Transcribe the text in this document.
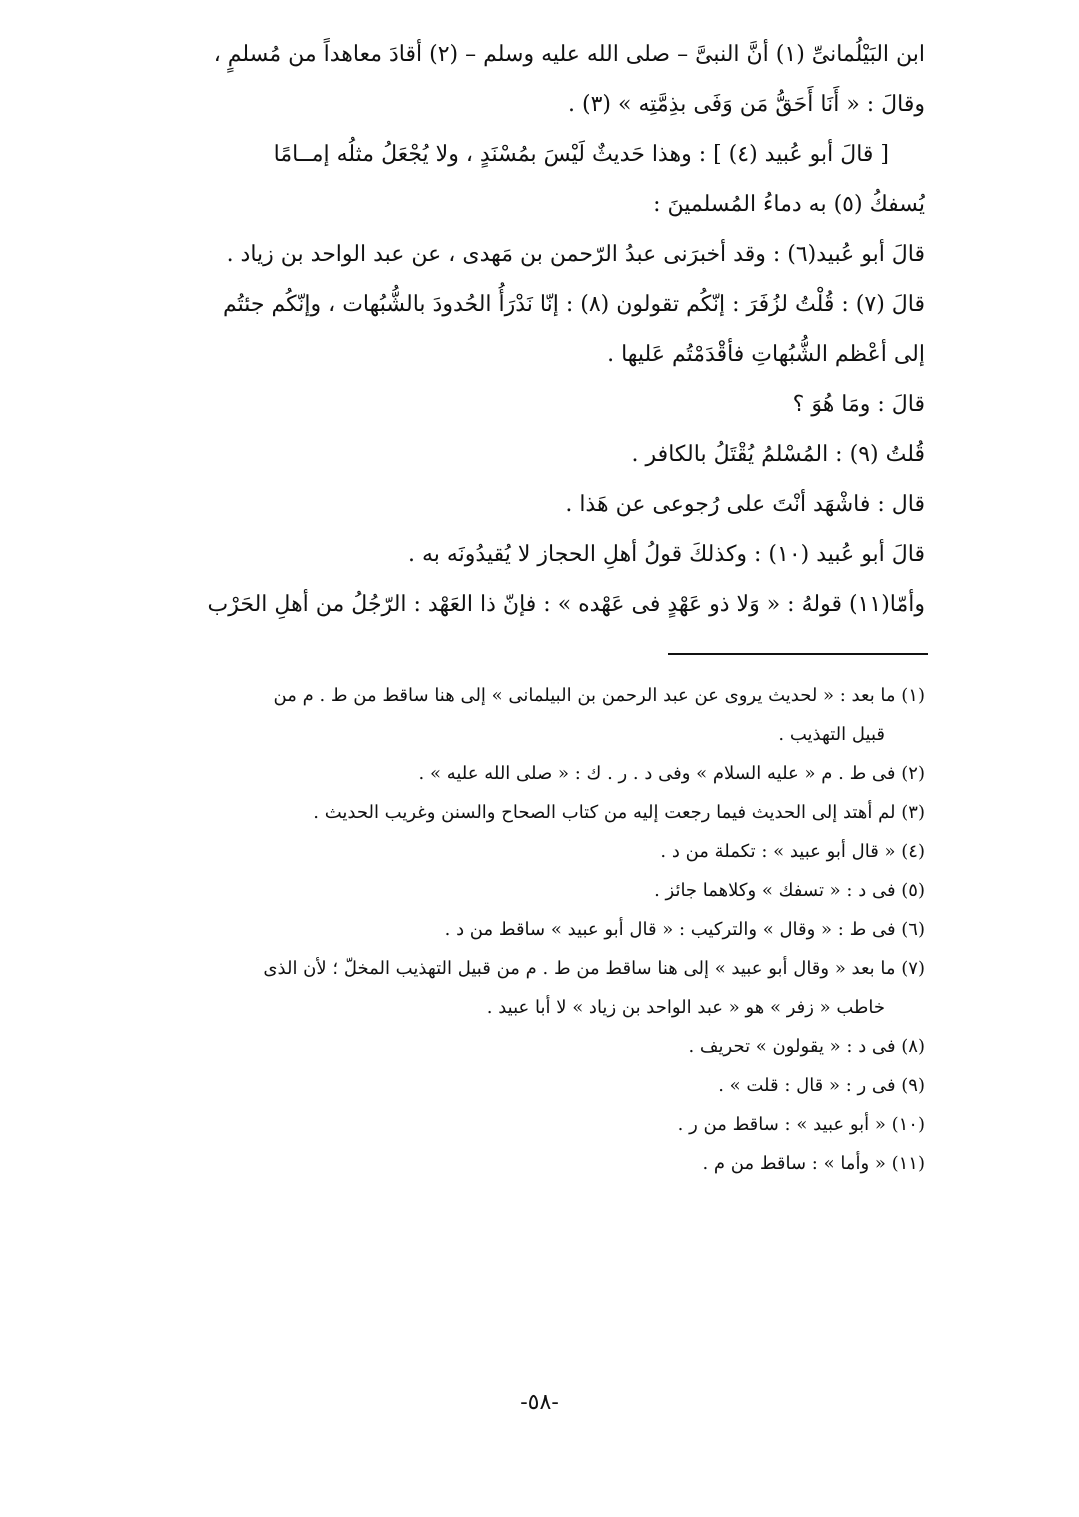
ابن البَيْلُمانىِّ (١) أنَّ النبىَّ – صلى الله عليه وسلم – (٢) أقادَ معاهداً من مُسلمٍ ،
وقالَ : « أَنَا أَحَقُّ مَن وَفَى بذِمَّتِه » (٣) .
[ قالَ أبو عُبيد (٤) ] : وهذا حَديثٌ لَيْسَ بمُسْنَدٍ ، ولا يُجْعَلُ مثلُه إمــامًا
يُسفكُ (٥) به دماءُ المُسلمينَ :
قالَ أبو عُبيد(٦) : وقد أخبرَنى عبدُ الرّحمن بن مَهدى ، عن عبد الواحد بن زياد .
قالَ (٧) : قُلْتُ لزُفَرَ : إنّكُم تقولون (٨) : إنّا نَدْرَأُ الحُدودَ بالشُّبُهات ، وإنّكُم جئتُم
إلى أعْظم الشُّبُهاتِ فأقْدَمْتُم عَليها .
قالَ : ومَا هُوَ ؟
قُلتُ (٩) : المُسْلمُ يُقْتَلُ بالكافر .
قال : فاشْهَد أنْتَ على رُجوعى عن هَذا .
قالَ أبو عُبيد (١٠) : وكذلكَ قولُ أهلِ الحجاز لا يُقيدُونَه به .
وأمّا(١١) قولهُ : « وَلا ذو عَهْدٍ فى عَهْده » : فإنّ ذا العَهْد : الرّجُلُ من أهلِ الحَرْب
(١) ما بعد : « لحديث يروى عن عبد الرحمن بن البيلمانى » إلى هنا ساقط من ط . م من
قبيل التهذيب .
(٢) فى ط . م « عليه السلام » وفى د . ر . ك : « صلى الله عليه » .
(٣) لم أهتد إلى الحديث فيما رجعت إليه من كتاب الصحاح والسنن وغريب الحديث .
(٤) « قال أبو عبيد » : تكملة من د .
(٥) فى د : « تسفك » وكلاهما جائز .
(٦) فى ط : « وقال » والتركيب : « قال أبو عبيد » ساقط من د .
(٧) ما بعد « وقال أبو عبيد » إلى هنا ساقط من ط . م من قبيل التهذيب المخلّ ؛ لأن الذى
خاطب « زفر » هو « عبد الواحد بن زياد » لا أبا عبيد .
(٨) فى د : « يقولون » تحريف .
(٩) فى ر : « قال : قلت » .
(١٠) « أبو عبيد » : ساقط من ر .
(١١) « وأما » : ساقط من م .
-٥٨-
